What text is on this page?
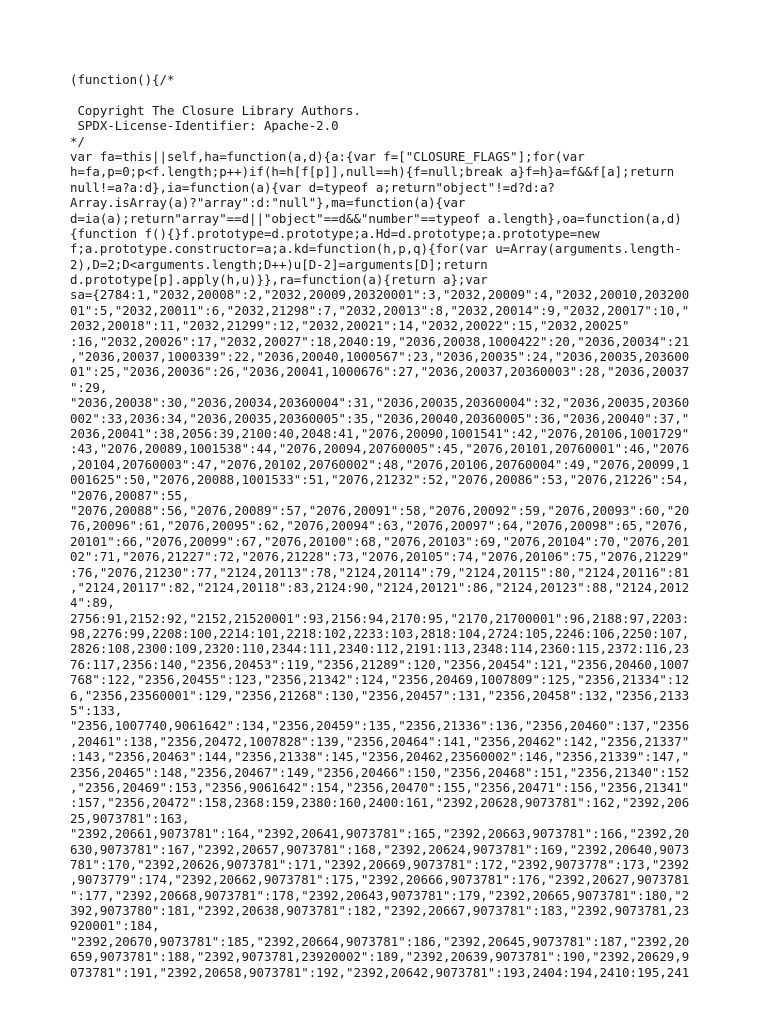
(function(){/*
Copyright The Closure Library Authors.
SPDX-License-Identifier: Apache-2.0
*/
var fa=this||self,ha=function(a,d){a:{var f=["CLOSURE_FLAGS"];for(var
h=fa,p=0;p<f.length;p++)if(h=h[f[p]],null==h){f=null;break a}f=h}a=f&&f[a];return
null!=a?a:d},ia=function(a){var d=typeof a;return"object"!=d?d:a?
Array.isArray(a)?"array":d:"null"},ma=function(a){var
d=ia(a);return"array"==d||"object"==d&&"number"==typeof a.length},oa=function(a,d)
{function f(){}f.prototype=d.prototype;a.Hd=d.prototype;a.prototype=new
f;a.prototype.constructor=a;a.kd=function(h,p,q){for(var u=Array(arguments.length-
2),D=2;D<arguments.length;D++)u[D-2]=arguments[D];return
d.prototype[p].apply(h,u)}},ra=function(a){return a};var
sa={2784:1,"2032,20008":2,"2032,20009,20320001":3,"2032,20009":4,"2032,20010,203200
01":5,"2032,20011":6,"2032,21298":7,"2032,20013":8,"2032,20014":9,"2032,20017":10,"
2032,20018":11,"2032,21299":12,"2032,20021":14,"2032,20022":15,"2032,20025"
:16,"2032,20026":17,"2032,20027":18,2040:19,"2036,20038,1000422":20,"2036,20034":21
,"2036,20037,1000339":22,"2036,20040,1000567":23,"2036,20035":24,"2036,20035,203600
01":25,"2036,20036":26,"2036,20041,1000676":27,"2036,20037,20360003":28,"2036,20037
":29,
"2036,20038":30,"2036,20034,20360004":31,"2036,20035,20360004":32,"2036,20035,20360
002":33,2036:34,"2036,20035,20360005":35,"2036,20040,20360005":36,"2036,20040":37,"
2036,20041":38,2056:39,2100:40,2048:41,"2076,20090,1001541":42,"2076,20106,1001729"
:43,"2076,20089,1001538":44,"2076,20094,20760005":45,"2076,20101,20760001":46,"2076
,20104,20760003":47,"2076,20102,20760002":48,"2076,20106,20760004":49,"2076,20099,1
001625":50,"2076,20088,1001533":51,"2076,21232":52,"2076,20086":53,"2076,21226":54,
"2076,20087":55,
"2076,20088":56,"2076,20089":57,"2076,20091":58,"2076,20092":59,"2076,20093":60,"20
76,20096":61,"2076,20095":62,"2076,20094":63,"2076,20097":64,"2076,20098":65,"2076,
20101":66,"2076,20099":67,"2076,20100":68,"2076,20103":69,"2076,20104":70,"2076,201
02":71,"2076,21227":72,"2076,21228":73,"2076,20105":74,"2076,20106":75,"2076,21229"
:76,"2076,21230":77,"2124,20113":78,"2124,20114":79,"2124,20115":80,"2124,20116":81
,"2124,20117":82,"2124,20118":83,2124:90,"2124,20121":86,"2124,20123":88,"2124,2012
4":89,
2756:91,2152:92,"2152,21520001":93,2156:94,2170:95,"2170,21700001":96,2188:97,2203:
98,2276:99,2208:100,2214:101,2218:102,2233:103,2818:104,2724:105,2246:106,2250:107,
2826:108,2300:109,2320:110,2344:111,2340:112,2191:113,2348:114,2360:115,2372:116,23
76:117,2356:140,"2356,20453":119,"2356,21289":120,"2356,20454":121,"2356,20460,1007
768":122,"2356,20455":123,"2356,21342":124,"2356,20469,1007809":125,"2356,21334":12
6,"2356,23560001":129,"2356,21268":130,"2356,20457":131,"2356,20458":132,"2356,2133
5":133,
"2356,1007740,9061642":134,"2356,20459":135,"2356,21336":136,"2356,20460":137,"2356
,20461":138,"2356,20472,1007828":139,"2356,20464":141,"2356,20462":142,"2356,21337"
:143,"2356,20463":144,"2356,21338":145,"2356,20462,23560002":146,"2356,21339":147,"
2356,20465":148,"2356,20467":149,"2356,20466":150,"2356,20468":151,"2356,21340":152
,"2356,20469":153,"2356,9061642":154,"2356,20470":155,"2356,20471":156,"2356,21341"
:157,"2356,20472":158,2368:159,2380:160,2400:161,"2392,20628,9073781":162,"2392,206
25,9073781":163,
"2392,20661,9073781":164,"2392,20641,9073781":165,"2392,20663,9073781":166,"2392,20
630,9073781":167,"2392,20657,9073781":168,"2392,20624,9073781":169,"2392,20640,9073
781":170,"2392,20626,9073781":171,"2392,20669,9073781":172,"2392,9073778":173,"2392
,9073779":174,"2392,20662,9073781":175,"2392,20666,9073781":176,"2392,20627,9073781
":177,"2392,20668,9073781":178,"2392,20643,9073781":179,"2392,20665,9073781":180,"2
392,9073780":181,"2392,20638,9073781":182,"2392,20667,9073781":183,"2392,9073781,23
920001":184,
"2392,20670,9073781":185,"2392,20664,9073781":186,"2392,20645,9073781":187,"2392,20
659,9073781":188,"2392,9073781,23920002":189,"2392,20639,9073781":190,"2392,20629,9
073781":191,"2392,20658,9073781":192,"2392,20642,9073781":193,2404:194,2410:195,241
